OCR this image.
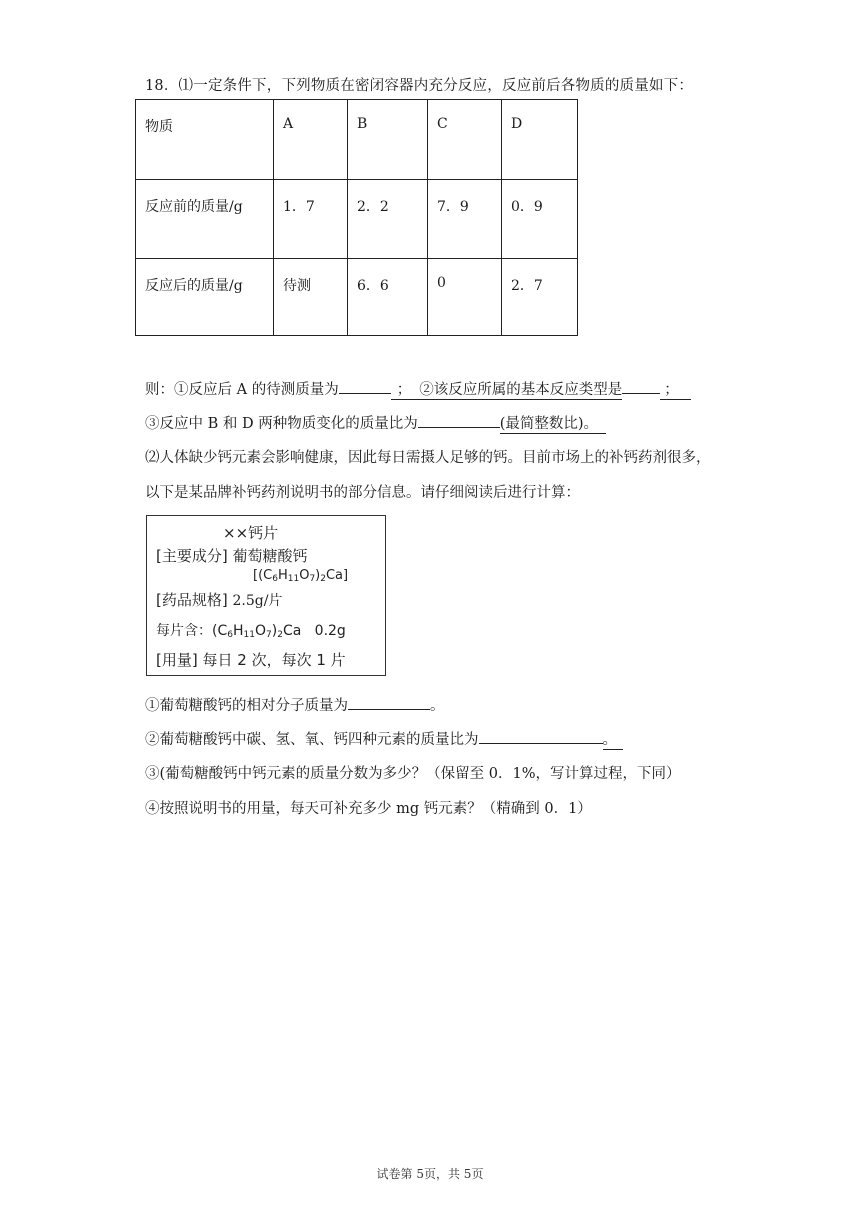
18．⑴一定条件下，下列物质在密闭容器内充分反应，反应前后各物质的质量如下：
物质	A	B	C	D
反应前的质量/g	1．7	2．2	7．9	0．9
反应后的质量/g	待测	6．6	0	2．7
则：①反应后 A 的待测质量为	； ②该反应所属的基本反应类型是	；
③反应中 B 和 D 两种物质变化的质量比为	(最简整数比)。
⑵人体缺少钙元素会影响健康，因此每日需摄人足够的钙。目前市场上的补钙药剂很多，
以下是某品牌补钙药剂说明书的部分信息。请仔细阅读后进行计算：
××钙片
[主要成分] 葡萄糖酸钙
$[(C_6H_{11}O_7)_2Ca]$
[药品规格] 2.5g/片
每片含：$(C_6H_{11}O_7)_2Ca$ 0.2g
[用量] 每日 2 次，每次 1 片
①葡萄糖酸钙的相对分子质量为	。
②葡萄糖酸钙中碳、氢、氧、钙四种元素的质量比为	。
③(葡萄糖酸钙中钙元素的质量分数为多少？（保留至 0．1%，写计算过程，下同）
④按照说明书的用量，每天可补充多少 mg 钙元素？（精确到 0．1）
试卷第 5页，共 5页
